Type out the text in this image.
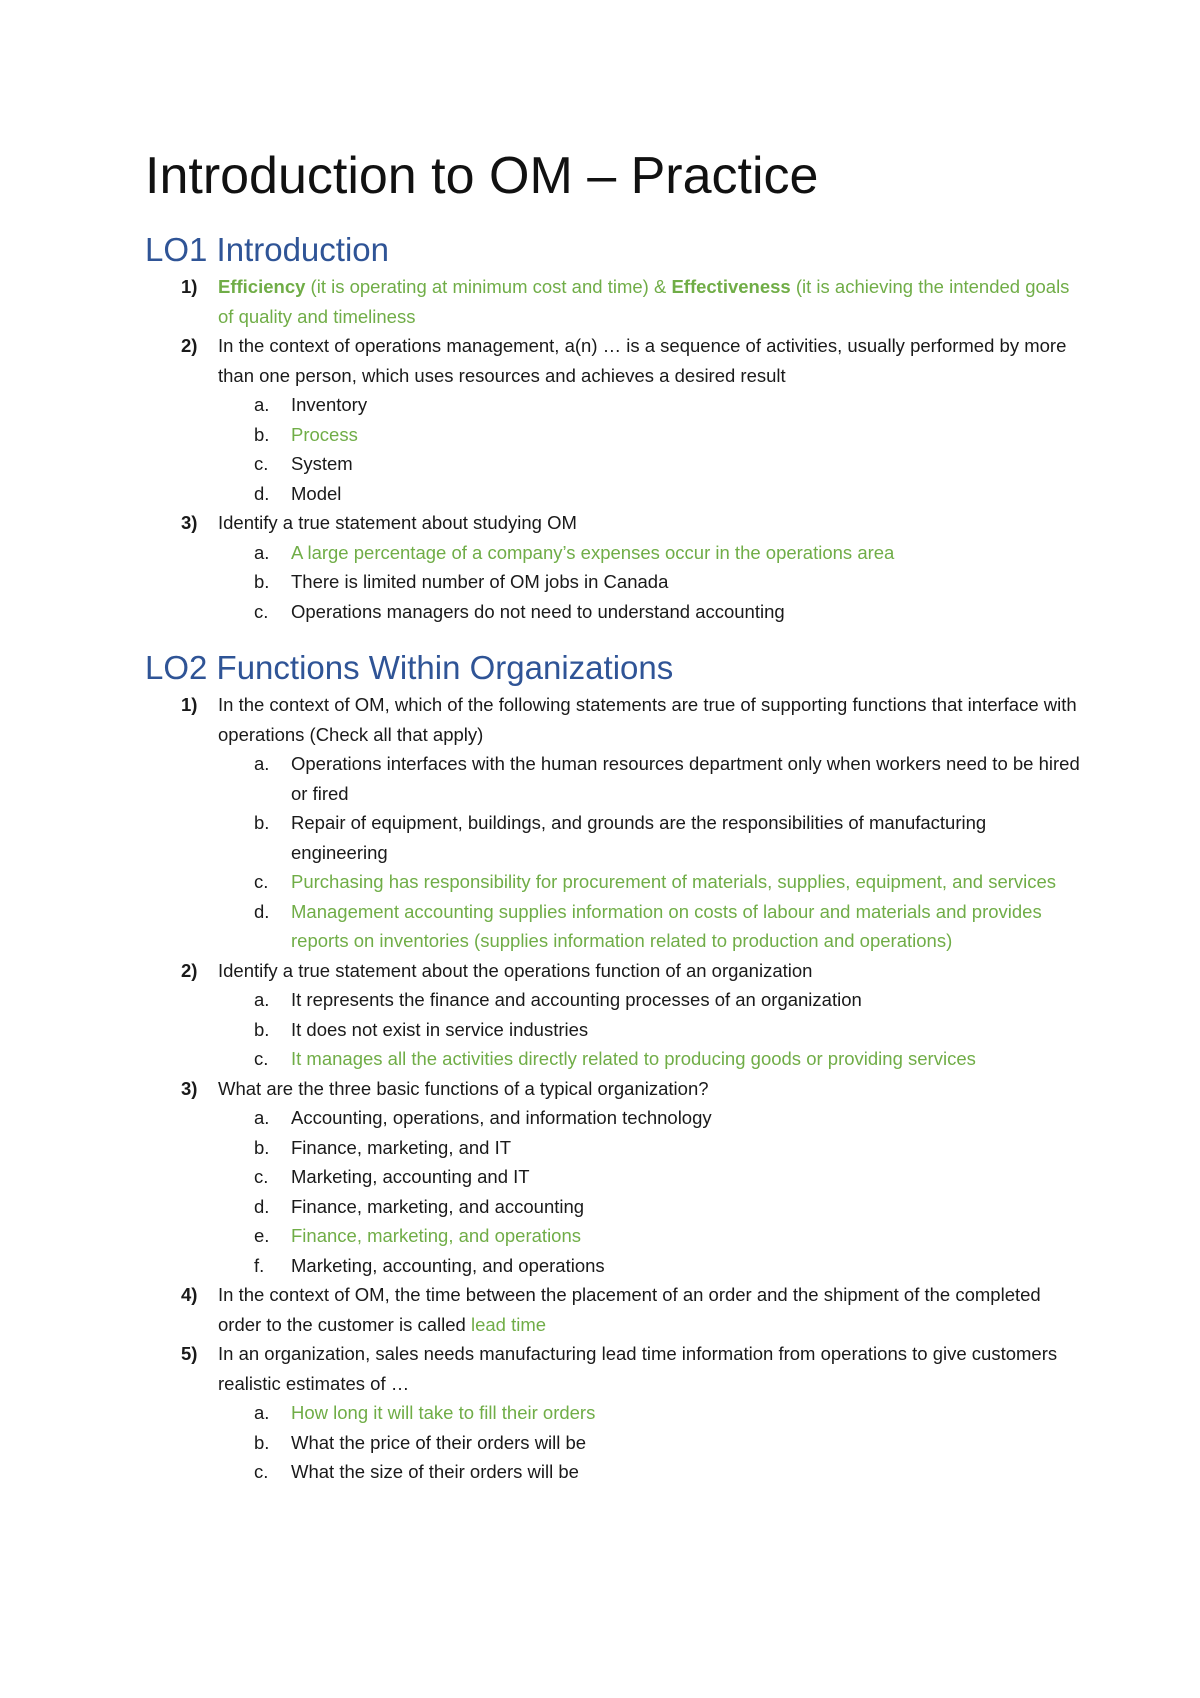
Introduction to OM – Practice
LO1 Introduction
1) Efficiency (it is operating at minimum cost and time) & Effectiveness (it is achieving the intended goals of quality and timeliness
2) In the context of operations management, a(n) … is a sequence of activities, usually performed by more than one person, which uses resources and achieves a desired result
a. Inventory
b. Process
c. System
d. Model
3) Identify a true statement about studying OM
a. A large percentage of a company’s expenses occur in the operations area
b. There is limited number of OM jobs in Canada
c. Operations managers do not need to understand accounting
LO2 Functions Within Organizations
1) In the context of OM, which of the following statements are true of supporting functions that interface with operations (Check all that apply)
a. Operations interfaces with the human resources department only when workers need to be hired or fired
b. Repair of equipment, buildings, and grounds are the responsibilities of manufacturing engineering
c. Purchasing has responsibility for procurement of materials, supplies, equipment, and services
d. Management accounting supplies information on costs of labour and materials and provides reports on inventories (supplies information related to production and operations)
2) Identify a true statement about the operations function of an organization
a. It represents the finance and accounting processes of an organization
b. It does not exist in service industries
c. It manages all the activities directly related to producing goods or providing services
3) What are the three basic functions of a typical organization?
a. Accounting, operations, and information technology
b. Finance, marketing, and IT
c. Marketing, accounting and IT
d. Finance, marketing, and accounting
e. Finance, marketing, and operations
f. Marketing, accounting, and operations
4) In the context of OM, the time between the placement of an order and the shipment of the completed order to the customer is called lead time
5) In an organization, sales needs manufacturing lead time information from operations to give customers realistic estimates of …
a. How long it will take to fill their orders
b. What the price of their orders will be
c. What the size of their orders will be
